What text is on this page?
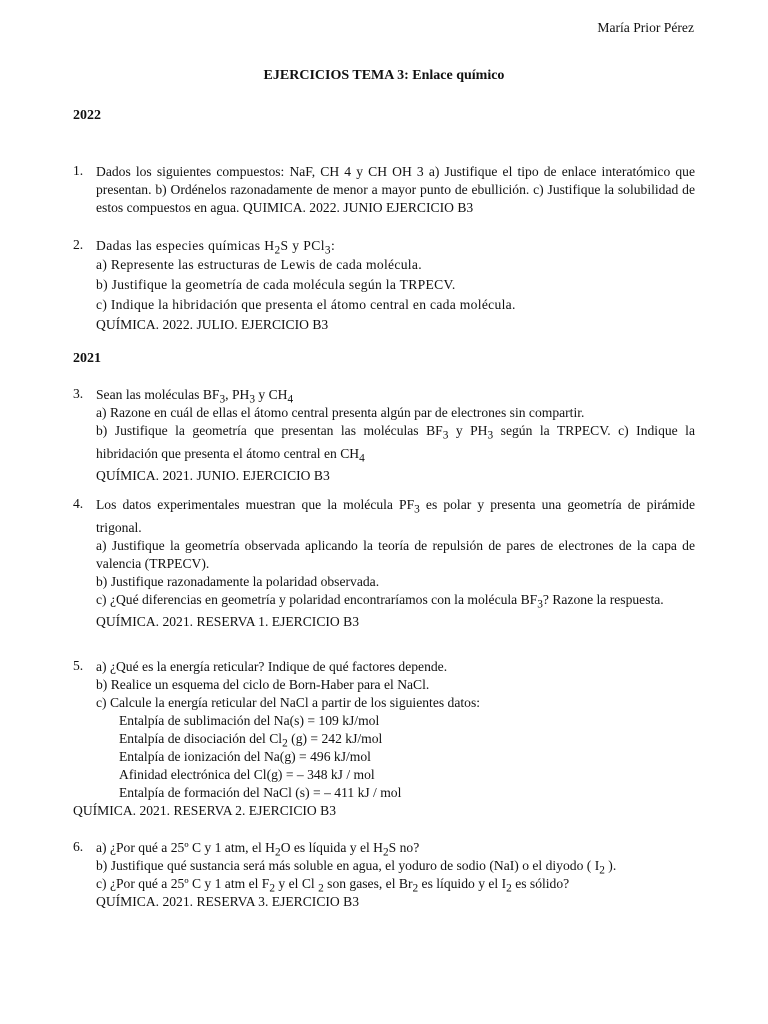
María Prior Pérez
EJERCICIOS TEMA 3: Enlace químico
2022
1. Dados los siguientes compuestos: NaF, CH 4 y CH OH 3 a) Justifique el tipo de enlace interatómico que presentan. b) Ordénelos razonadamente de menor a mayor punto de ebullición. c) Justifique la solubilidad de estos compuestos en agua. QUIMICA. 2022. JUNIO EJERCICIO B3
2. Dadas las especies químicas $H_2S$ y PCl$_3$:
a) Represente las estructuras de Lewis de cada molécula.
b) Justifique la geometría de cada molécula según la TRPECV.
c) Indique la hibridación que presenta el átomo central en cada molécula.
QUÍMICA. 2022. JULIO. EJERCICIO B3
2021
3. Sean las moléculas $BF_3$, $PH_3$ y $CH_4$
a) Razone en cuál de ellas el átomo central presenta algún par de electrones sin compartir.
b) Justifique la geometría que presentan las moléculas $BF_3$ y $PH_3$ según la TRPECV. c) Indique la hibridación que presenta el átomo central en $CH_4$
QUÍMICA. 2021. JUNIO. EJERCICIO B3
4. Los datos experimentales muestran que la molécula $PF_3$ es polar y presenta una geometría de pirámide trigonal.
a) Justifique la geometría observada aplicando la teoría de repulsión de pares de electrones de la capa de valencia (TRPECV).
b) Justifique razonadamente la polaridad observada.
c) ¿Qué diferencias en geometría y polaridad encontraríamos con la molécula $BF_3$? Razone la respuesta.
QUÍMICA. 2021. RESERVA 1. EJERCICIO B3
5. a) ¿Qué es la energía reticular? Indique de qué factores depende.
b) Realice un esquema del ciclo de Born-Haber para el NaCl.
c) Calcule la energía reticular del NaCl a partir de los siguientes datos:
Entalpía de sublimación del Na(s) = 109 kJ/mol
Entalpía de disociación del $Cl_2$ (g) = 242 kJ/mol
Entalpía de ionización del Na(g) = 496 kJ/mol
Afinidad electrónica del Cl(g) = – 348 kJ / mol
Entalpía de formación del NaCl (s) = – 411 kJ / mol
QUÍMICA. 2021. RESERVA 2. EJERCICIO B3
6. a) ¿Por qué a 25º C y 1 atm, el $H_2O$ es líquida y el $H_2S$ no?
b) Justifique qué sustancia será más soluble en agua, el yoduro de sodio (NaI) o el diyodo ( $I_2$ ).
c) ¿Por qué a 25º C y 1 atm el $F_2$ y el Cl $_2$ son gases, el $Br_2$ es líquido y el $I_2$ es sólido?
QUÍMICA. 2021. RESERVA 3. EJERCICIO B3
